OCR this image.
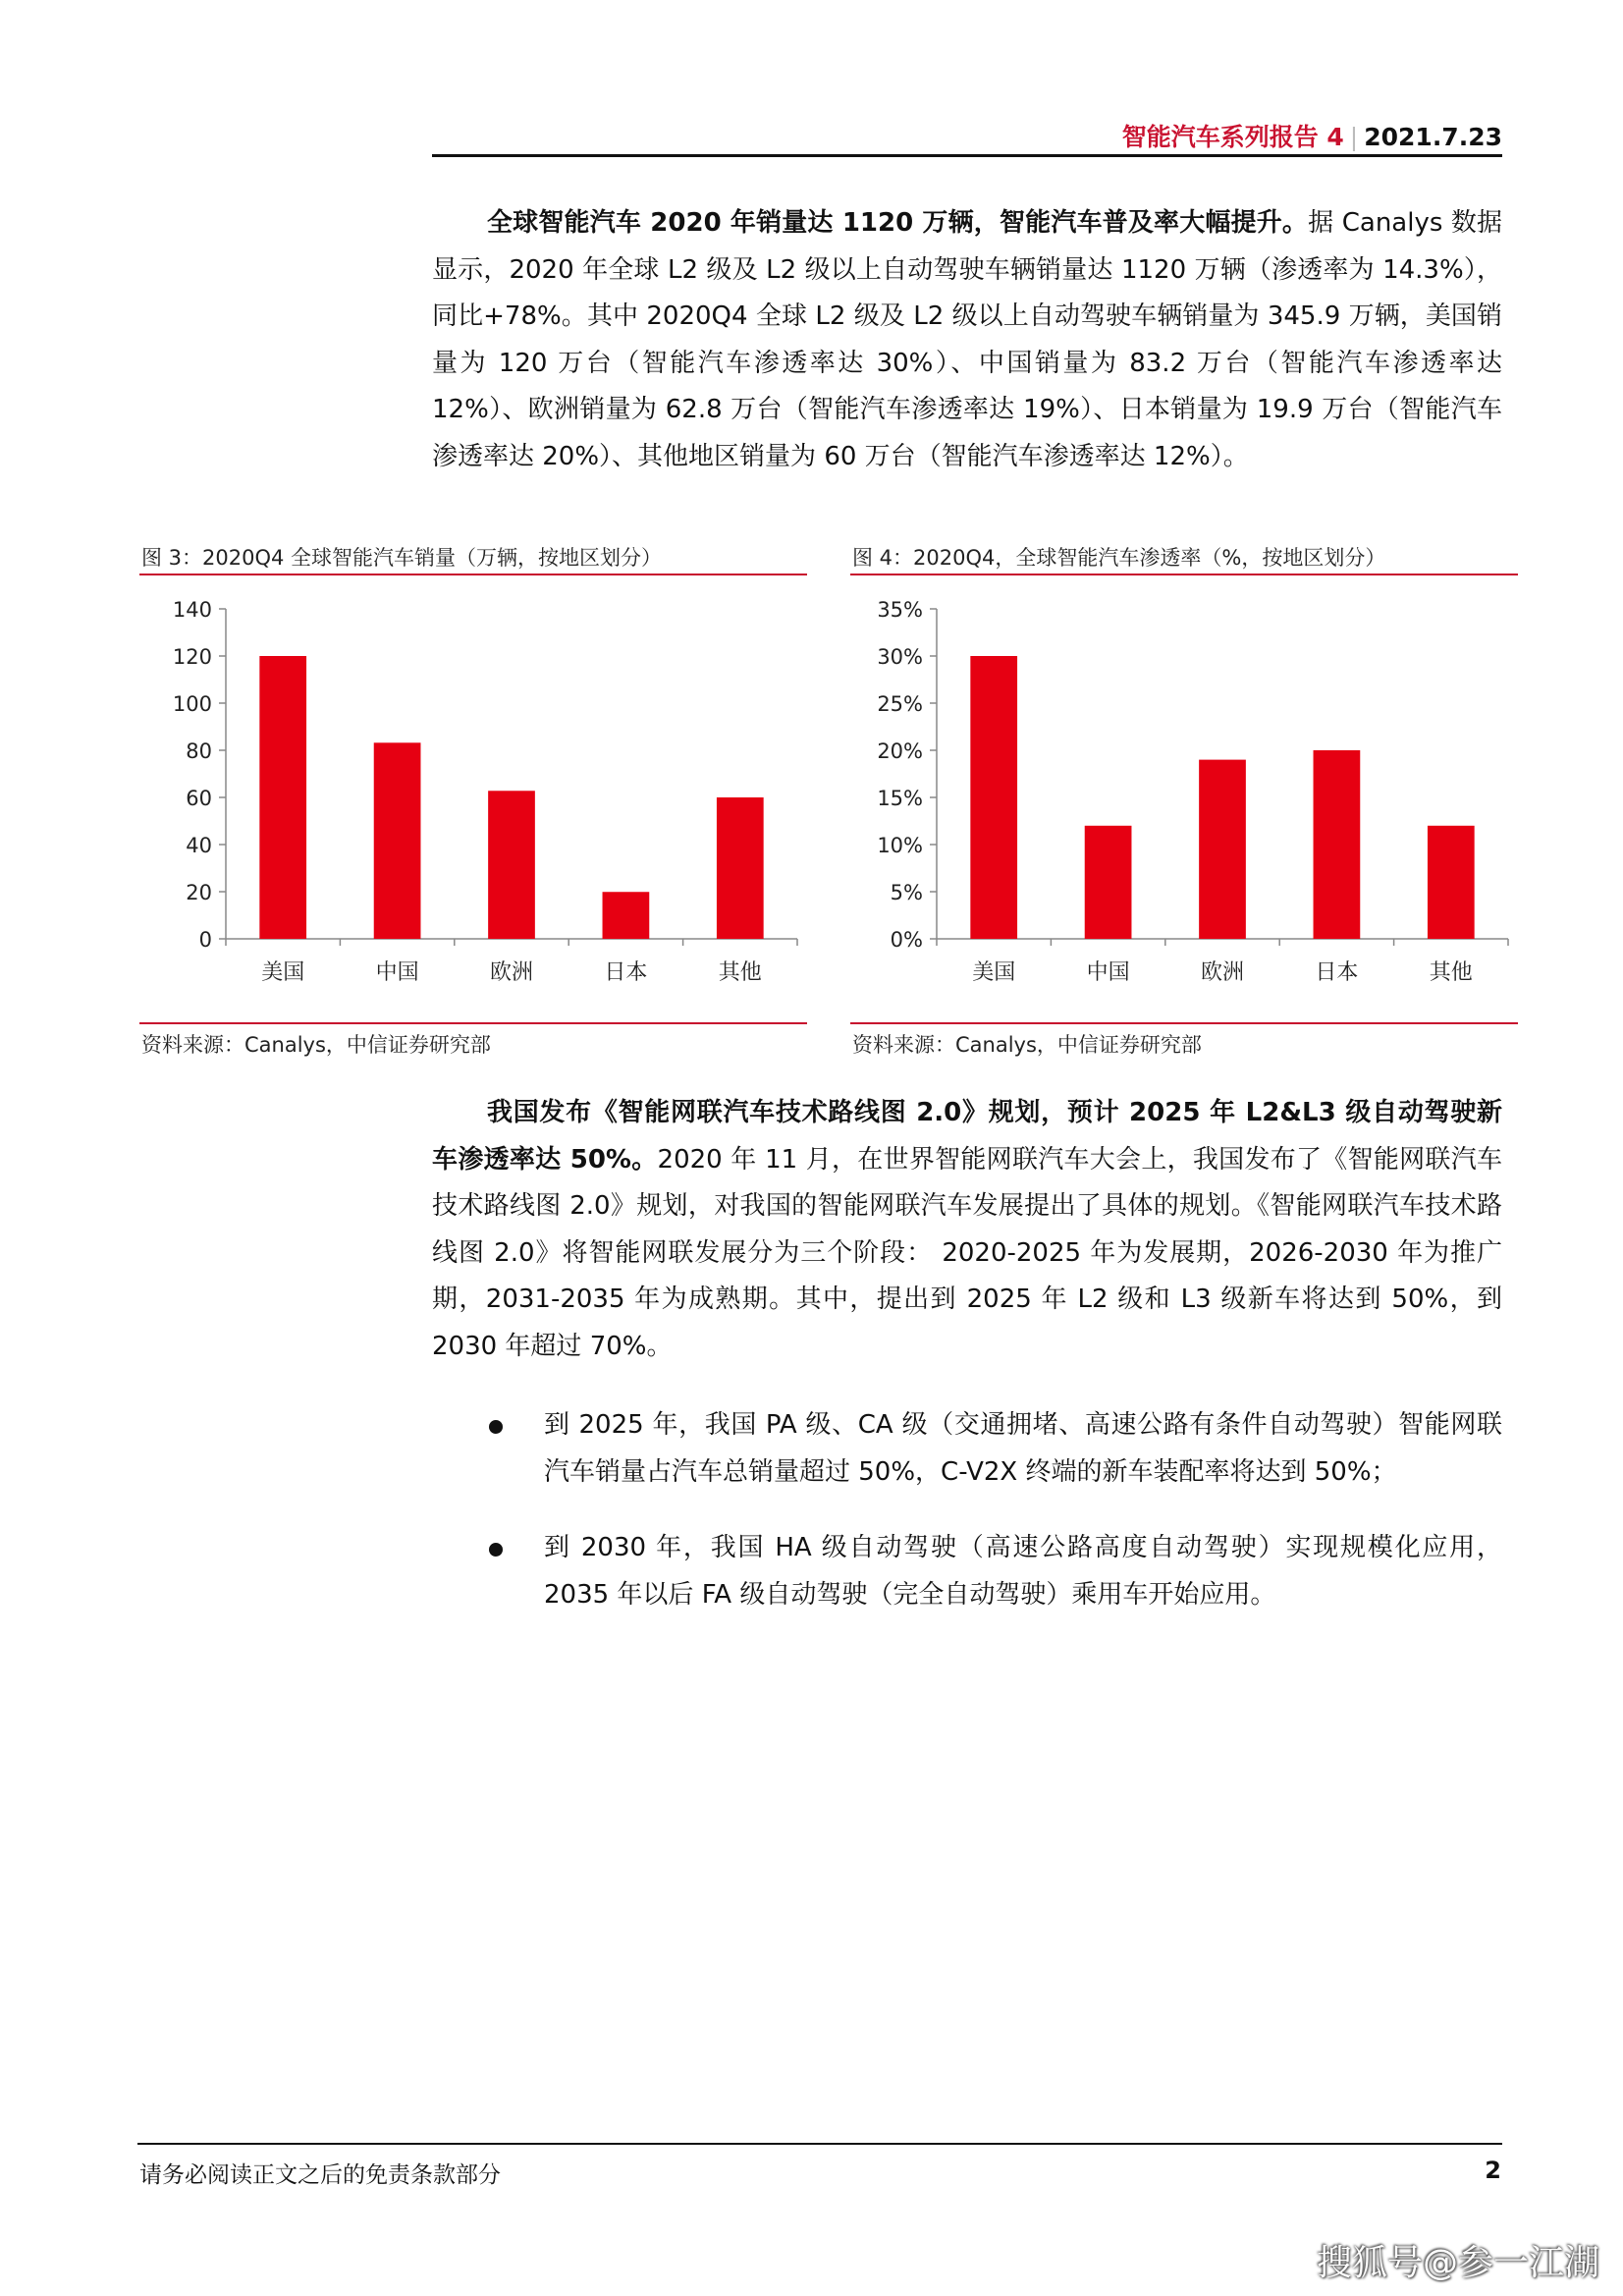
智能汽车系列报告 4 | 2021.7.23
全球智能汽车 2020 年销量达 1120 万辆，智能汽车普及率大幅提升。据 Canalys 数据显示，2020 年全球 L2 级及 L2 级以上自动驾驶车辆销量达 1120 万辆（渗透率为 14.3%），同比+78%。其中 2020Q4 全球 L2 级及 L2 级以上自动驾驶车辆销量为 345.9 万辆，美国销量为 120 万台（智能汽车渗透率达 30%）、中国销量为 83.2 万台（智能汽车渗透率达 12%）、欧洲销量为 62.8 万台（智能汽车渗透率达 19%）、日本销量为 19.9 万台（智能汽车渗透率达 20%）、其他地区销量为 60 万台（智能汽车渗透率达 12%）。
图 3：2020Q4 全球智能汽车销量（万辆，按地区划分）
0
20
40
60
80
100
120
140
美国	中国	欧洲	日本	其他
资料来源：Canalys，中信证券研究部
图 4：2020Q4，全球智能汽车渗透率（%，按地区划分）
0%
5%
10%
15%
20%
25%
30%
35%
美国	中国	欧洲	日本	其他
资料来源：Canalys，中信证券研究部
我国发布《智能网联汽车技术路线图 2.0》规划，预计 2025 年 L2&L3 级自动驾驶新车渗透率达 50%。2020 年 11 月，在世界智能网联汽车大会上，我国发布了《智能网联汽车技术路线图 2.0》规划，对我国的智能网联汽车发展提出了具体的规划。《智能网联汽车技术路线图 2.0》将智能网联发展分为三个阶段： 2020-2025 年为发展期，2026-2030 年为推广期，2031-2035 年为成熟期。其中，提出到 2025 年 L2 级和 L3 级新车将达到 50%，到 2030 年超过 70%。
到 2025 年，我国 PA 级、CA 级（交通拥堵、高速公路有条件自动驾驶）智能网联汽车销量占汽车总销量超过 50%，C-V2X 终端的新车装配率将达到 50%；
到 2030 年，我国 HA 级自动驾驶（高速公路高度自动驾驶）实现规模化应用，2035 年以后 FA 级自动驾驶（完全自动驾驶）乘用车开始应用。
请务必阅读正文之后的免责条款部分	2
搜狐号@参一江湖
